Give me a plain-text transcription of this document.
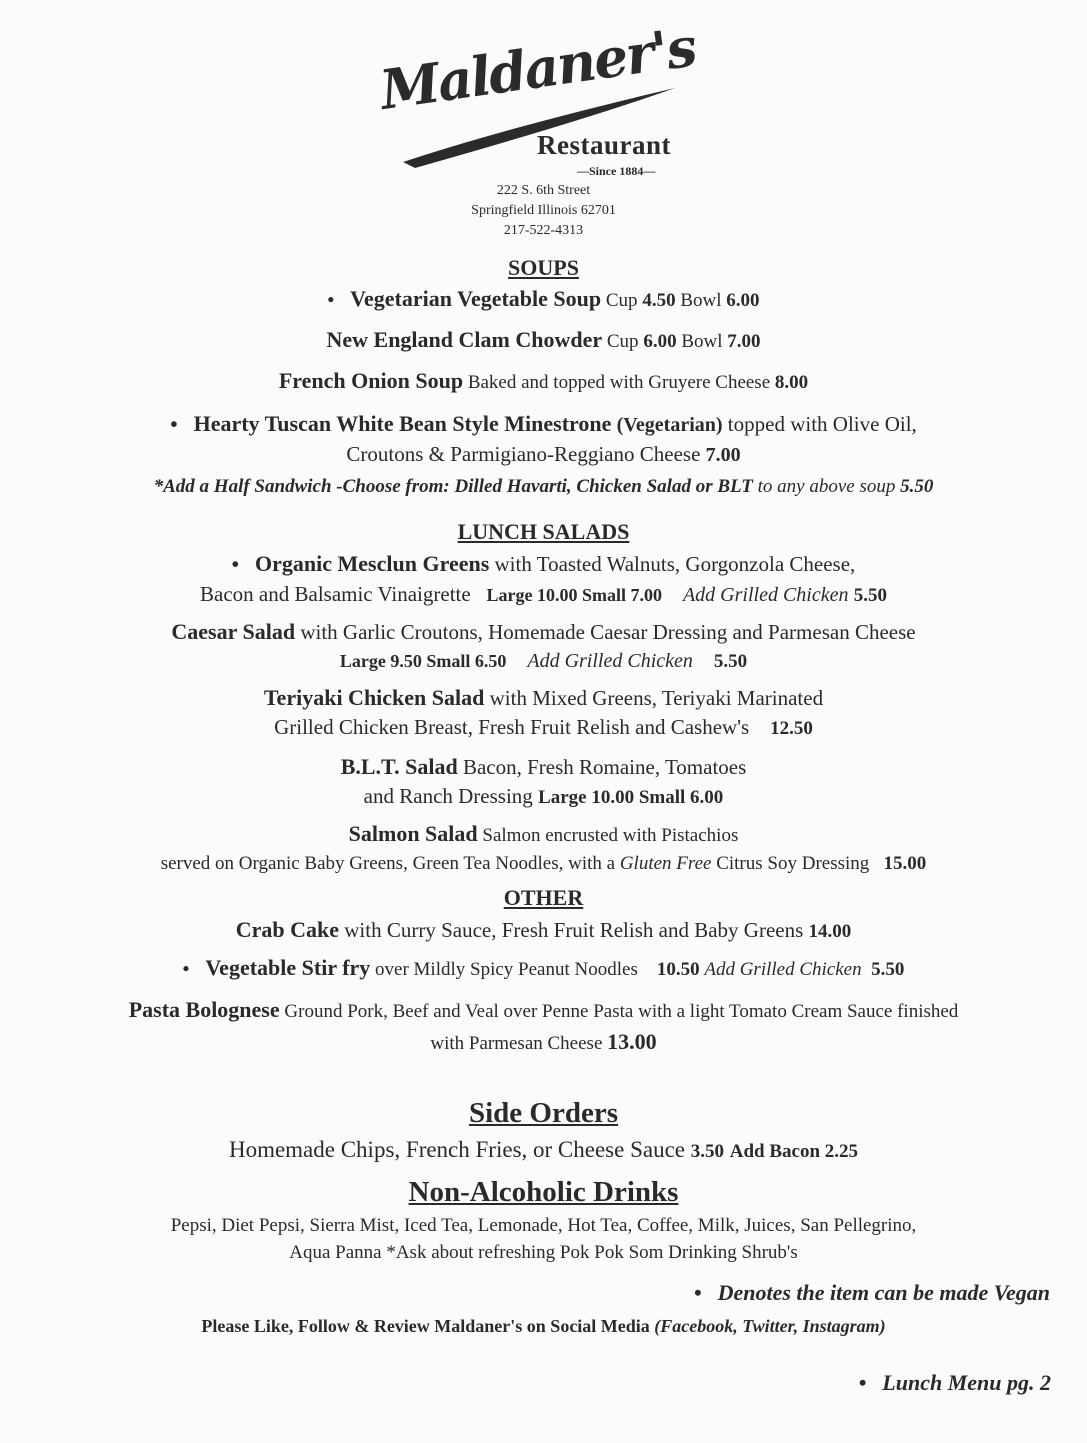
Maldaner's
Restaurant
—Since 1884—
222 S. 6th Street
Springfield Illinois 62701
217-522-4313
SOUPS
• Vegetarian Vegetable Soup Cup 4.50 Bowl 6.00
New England Clam Chowder Cup 6.00 Bowl 7.00
French Onion Soup Baked and topped with Gruyere Cheese 8.00
• Hearty Tuscan White Bean Style Minestrone (Vegetarian) topped with Olive Oil,
Croutons & Parmigiano-Reggiano Cheese 7.00
*Add a Half Sandwich -Choose from: Dilled Havarti, Chicken Salad or BLT to any above soup 5.50
LUNCH SALADS
• Organic Mesclun Greens with Toasted Walnuts, Gorgonzola Cheese,
Bacon and Balsamic Vinaigrette Large 10.00 Small 7.00 Add Grilled Chicken 5.50
Caesar Salad with Garlic Croutons, Homemade Caesar Dressing and Parmesan Cheese
Large 9.50 Small 6.50 Add Grilled Chicken 5.50
Teriyaki Chicken Salad with Mixed Greens, Teriyaki Marinated
Grilled Chicken Breast, Fresh Fruit Relish and Cashew's 12.50
B.L.T. Salad Bacon, Fresh Romaine, Tomatoes
and Ranch Dressing Large 10.00 Small 6.00
Salmon Salad Salmon encrusted with Pistachios
served on Organic Baby Greens, Green Tea Noodles, with a Gluten Free Citrus Soy Dressing 15.00
OTHER
Crab Cake with Curry Sauce, Fresh Fruit Relish and Baby Greens 14.00
• Vegetable Stir fry over Mildly Spicy Peanut Noodles 10.50 Add Grilled Chicken 5.50
Pasta Bolognese Ground Pork, Beef and Veal over Penne Pasta with a light Tomato Cream Sauce finished
with Parmesan Cheese 13.00
Side Orders
Homemade Chips, French Fries, or Cheese Sauce 3.50 Add Bacon 2.25
Non-Alcoholic Drinks
Pepsi, Diet Pepsi, Sierra Mist, Iced Tea, Lemonade, Hot Tea, Coffee, Milk, Juices, San Pellegrino,
Aqua Panna *Ask about refreshing Pok Pok Som Drinking Shrub's
• Denotes the item can be made Vegan
Please Like, Follow & Review Maldaner's on Social Media (Facebook, Twitter, Instagram)
• Lunch Menu pg. 2
